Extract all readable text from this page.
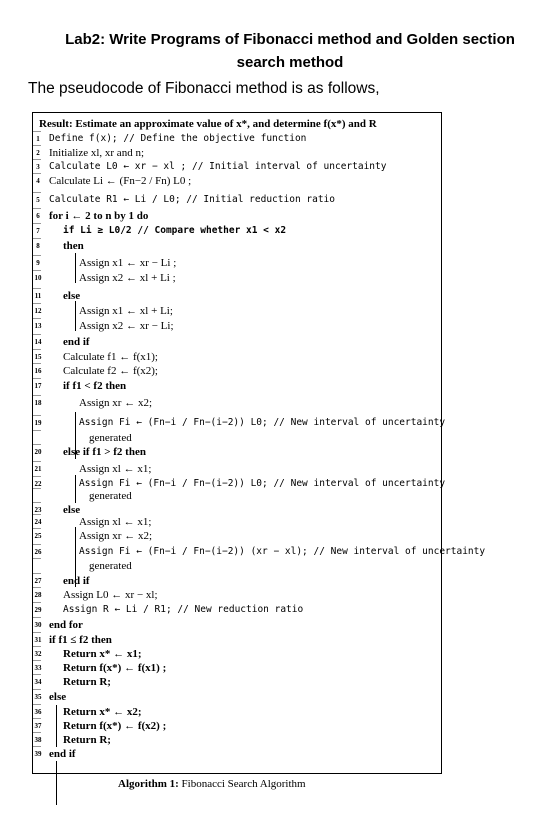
Lab2: Write Programs of Fibonacci method and Golden section search method
The pseudocode of Fibonacci method is as follows,
Result: Estimate an approximate value of x*, and determine f(x*) and R
1 Define f(x); // Define the objective function
2 Initialize xl, xr and n;
3 Calculate L0 ← xr − xl ; // Initial interval of uncertainty
4 Calculate Li ← (Fn−2 / Fn) L0 ;
5 Calculate R1 ← Li / L0; // Initial reduction ratio
6 for i ← 2 to n by 1 do
7 if Li ≥ L0/2 // Compare whether x1 < x2
8 then
9	Assign x1 ← xr − Li ;
10	Assign x2 ← xl + Li ;
11 else
12	Assign x1 ← xl + Li;
13	Assign x2 ← xr − Li;
14 end if
15 Calculate f1 ← f(x1);
16 Calculate f2 ← f(x2);
17 if f1 < f2 then
18	Assign xr ← x2;
19	Assign Fi ← (Fn−i / Fn−(i−2)) L0; // New interval of uncertainty
generated
20 else if f1 > f2 then
21	Assign xl ← x1;
22	Assign Fi ← (Fn−i / Fn−(i−2)) L0; // New interval of uncertainty
generated
23 else
24	Assign xl ← x1;
25	Assign xr ← x2;
26	Assign Fi ← (Fn−i / Fn−(i−2)) (xr − xl); // New interval of uncertainty
generated
27 end if
28 Assign L0 ← xr − xl;
29 Assign R ← Li / R1; // New reduction ratio
30 end for
31 if f1 ≤ f2 then
32 Return x* ← x1;
33 Return f(x*) ← f(x1) ;
34 Return R;
35 else
36 Return x* ← x2;
37 Return f(x*) ← f(x2) ;
38 Return R;
39 end if
Algorithm 1: Fibonacci Search Algorithm
